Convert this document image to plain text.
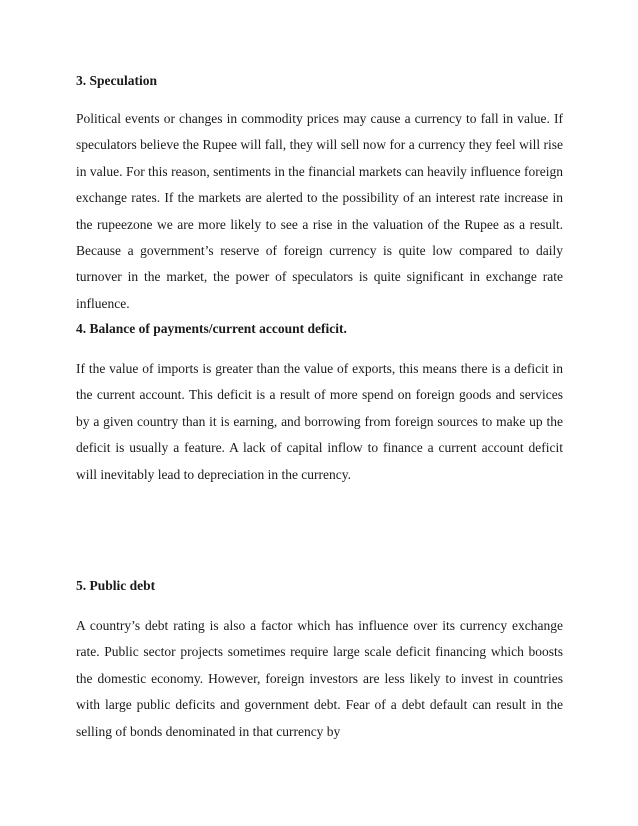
3. Speculation

Political events or changes in commodity prices may cause a currency to fall in value. If speculators believe the Rupee will fall, they will sell now for a currency they feel will rise in value. For this reason, sentiments in the financial markets can heavily influence foreign exchange rates. If the markets are alerted to the possibility of an interest rate increase in the rupeezone we are more likely to see a rise in the valuation of the Rupee as a result. Because a government’s reserve of foreign currency is quite low compared to daily turnover in the market, the power of speculators is quite significant in exchange rate influence.

4. Balance of payments/current account deficit.

If the value of imports is greater than the value of exports, this means there is a deficit in the current account. This deficit is a result of more spend on foreign goods and services by a given country than it is earning, and borrowing from foreign sources to make up the deficit is usually a feature. A lack of capital inflow to finance a current account deficit will inevitably lead to depreciation in the currency.

5. Public debt

A country’s debt rating is also a factor which has influence over its currency exchange rate. Public sector projects sometimes require large scale deficit financing which boosts the domestic economy. However, foreign investors are less likely to invest in countries with large public deficits and government debt. Fear of a debt default can result in the selling of bonds denominated in that currency by
